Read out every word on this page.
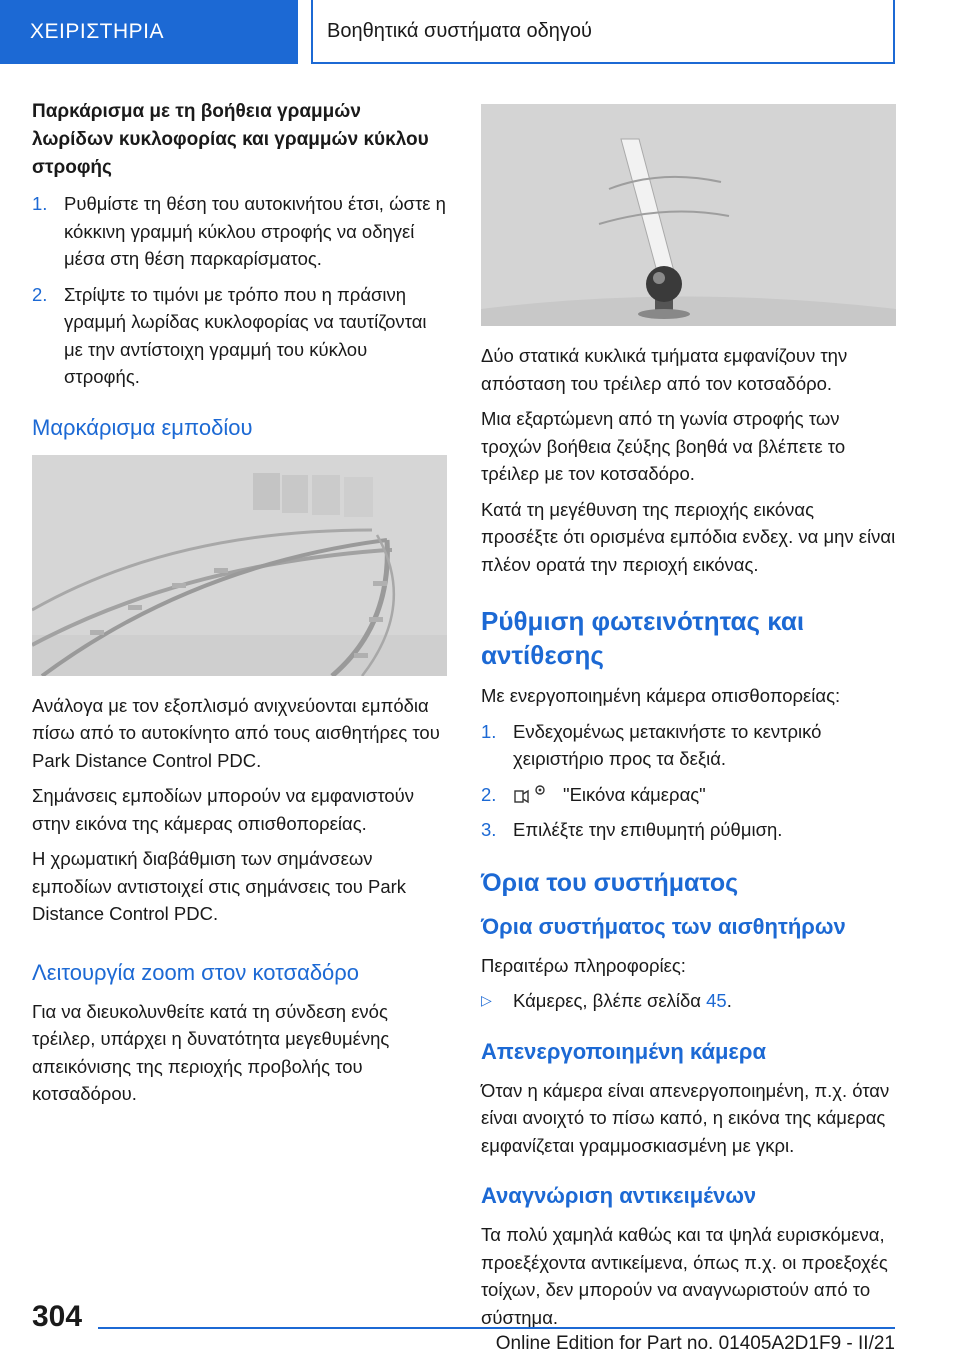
ΧΕΙΡΙΣΤΗΡΙΑ	Βοηθητικά συστήματα οδηγού

Παρκάρισμα με τη βοήθεια γραμμών λωρίδων κυκλοφορίας και γραμμών κύκλου στροφής

1. Ρυθμίστε τη θέση του αυτοκινήτου έτσι, ώστε η κόκκινη γραμμή κύκλου στροφής να οδηγεί μέσα στη θέση παρκαρίσματος.
2. Στρίψτε το τιμόνι με τρόπο που η πράσινη γραμμή λωρίδας κυκλοφορίας να ταυτίζονται με την αντίστοιχη γραμμή του κύκλου στροφής.
Μαρκάρισμα εμποδίου

Ανάλογα με τον εξοπλισμό ανιχνεύονται εμπόδια πίσω από το αυτοκίνητο από τους αισθητήρες του Park Distance Control PDC.

Σημάνσεις εμποδίων μπορούν να εμφανιστούν στην εικόνα της κάμερας οπισθοπορείας.

Η χρωματική διαβάθμιση των σημάνσεων εμποδίων αντιστοιχεί στις σημάνσεις του Park Distance Control PDC.

Λειτουργία zoom στον κοτσαδόρο

Για να διευκολυνθείτε κατά τη σύνδεση ενός τρέιλερ, υπάρχει η δυνατότητα μεγεθυμένης απεικόνισης της περιοχής προβολής του κοτσαδόρου.

Δύο στατικά κυκλικά τμήματα εμφανίζουν την απόσταση του τρέιλερ από τον κοτσαδόρο.

Μια εξαρτώμενη από τη γωνία στροφής των τροχών βοήθεια ζεύξης βοηθά να βλέπετε το τρέιλερ με τον κοτσαδόρο.

Κατά τη μεγέθυνση της περιοχής εικόνας προσέξτε ότι ορισμένα εμπόδια ενδεχ. να μην είναι πλέον ορατά την περιοχή εικόνας.

Ρύθμιση φωτεινότητας και αντίθεσης

Με ενεργοποιημένη κάμερα οπισθοπορείας:

1. Ενδεχομένως μετακινήστε το κεντρικό χειριστήριο προς τα δεξιά.
2.	"Εικόνα κάμερας"
3. Επιλέξτε την επιθυμητή ρύθμιση.
Όρια του συστήματος
Όρια συστήματος των αισθητήρων

Περαιτέρω πληροφορίες:

▷	Κάμερες, βλέπε σελίδα 45.
Απενεργοποιημένη κάμερα

Όταν η κάμερα είναι απενεργοποιημένη, π.χ. όταν είναι ανοιχτό το πίσω καπό, η εικόνα της κάμερας εμφανίζεται γραμμοσκιασμένη με γκρι.

Αναγνώριση αντικειμένων

Τα πολύ χαμηλά καθώς και τα ψηλά ευρισκόμενα, προεξέχοντα αντικείμενα, όπως π.χ. οι προεξοχές τοίχων, δεν μπορούν να αναγνωριστούν από το σύστημα.

304
Online Edition for Part no. 01405A2D1F9 - II/21
